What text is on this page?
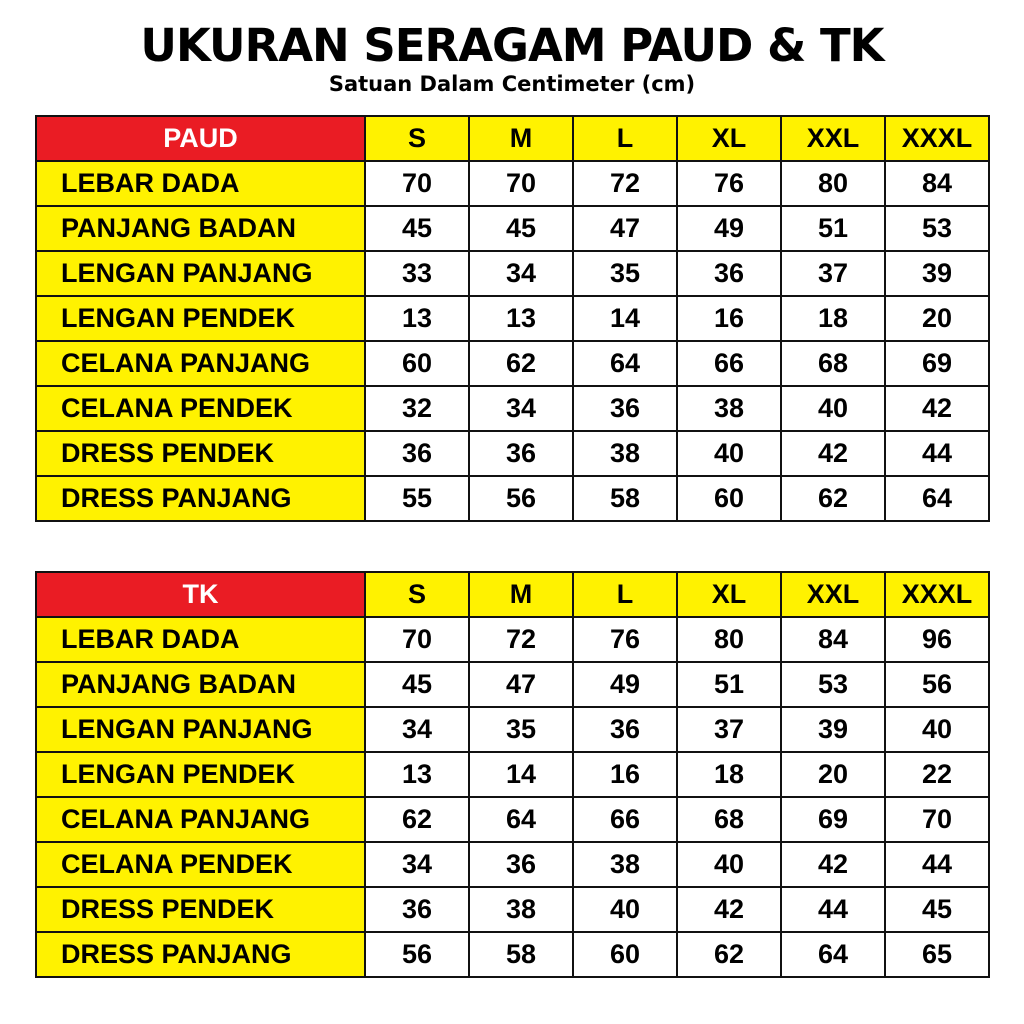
UKURAN SERAGAM PAUD & TK
Satuan Dalam Centimeter (cm)
PAUD	S	M	L	XL	XXL	XXXL
LEBAR DADA	70	70	72	76	80	84
PANJANG BADAN	45	45	47	49	51	53
LENGAN PANJANG	33	34	35	36	37	39
LENGAN PENDEK	13	13	14	16	18	20
CELANA PANJANG	60	62	64	66	68	69
CELANA PENDEK	32	34	36	38	40	42
DRESS PENDEK	36	36	38	40	42	44
DRESS PANJANG	55	56	58	60	62	64
TK	S	M	L	XL	XXL	XXXL
LEBAR DADA	70	72	76	80	84	96
PANJANG BADAN	45	47	49	51	53	56
LENGAN PANJANG	34	35	36	37	39	40
LENGAN PENDEK	13	14	16	18	20	22
CELANA PANJANG	62	64	66	68	69	70
CELANA PENDEK	34	36	38	40	42	44
DRESS PENDEK	36	38	40	42	44	45
DRESS PANJANG	56	58	60	62	64	65
